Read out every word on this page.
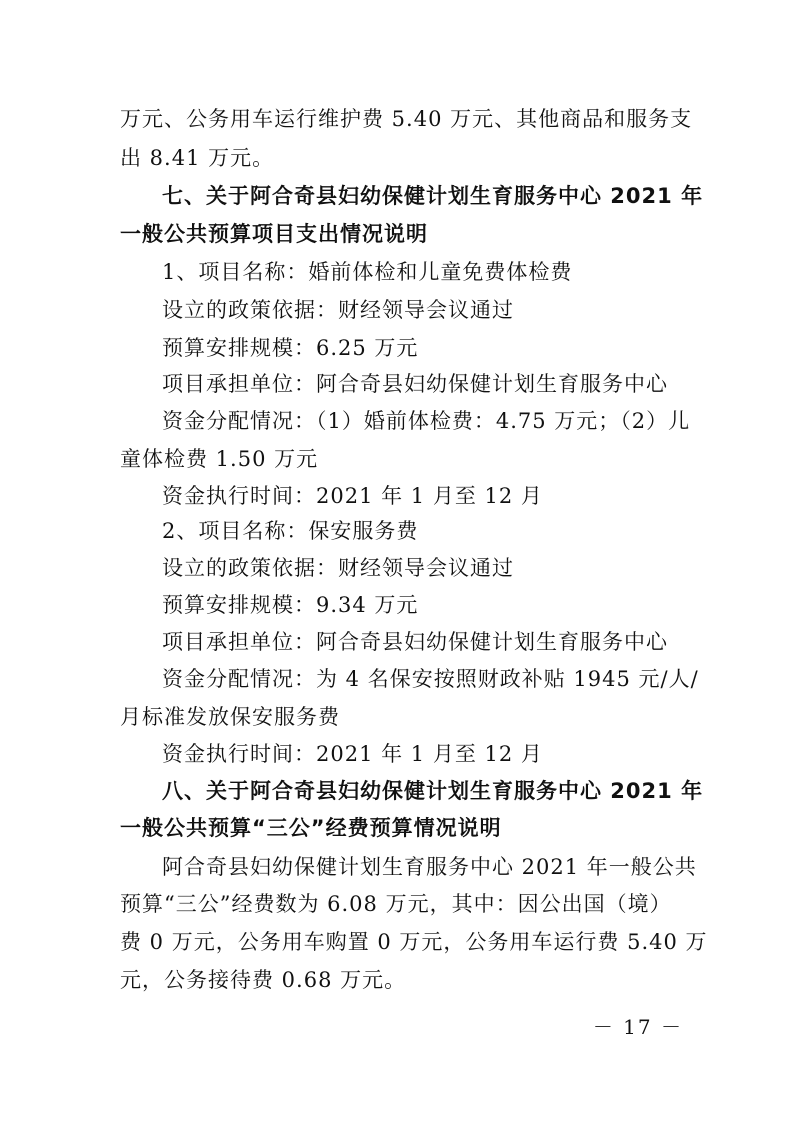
万元、公务用车运行维护费 5.40 万元、其他商品和服务支
出 8.41 万元。
七、关于阿合奇县妇幼保健计划生育服务中心 2021 年
一般公共预算项目支出情况说明
1、项目名称：婚前体检和儿童免费体检费
设立的政策依据：财经领导会议通过
预算安排规模：6.25 万元
项目承担单位：阿合奇县妇幼保健计划生育服务中心
资金分配情况：（1）婚前体检费：4.75 万元；（2）儿
童体检费 1.50 万元
资金执行时间：2021 年 1 月至 12 月
2、项目名称：保安服务费
设立的政策依据：财经领导会议通过
预算安排规模：9.34 万元
项目承担单位：阿合奇县妇幼保健计划生育服务中心
资金分配情况：为 4 名保安按照财政补贴 1945 元/人/
月标准发放保安服务费
资金执行时间：2021 年 1 月至 12 月
八、关于阿合奇县妇幼保健计划生育服务中心 2021 年
一般公共预算“三公”经费预算情况说明
阿合奇县妇幼保健计划生育服务中心 2021 年一般公共
预算“三公”经费数为 6.08 万元，其中：因公出国（境）
费 0 万元，公务用车购置 0 万元，公务用车运行费 5.40 万
元，公务接待费 0.68 万元。
－ 17 －
